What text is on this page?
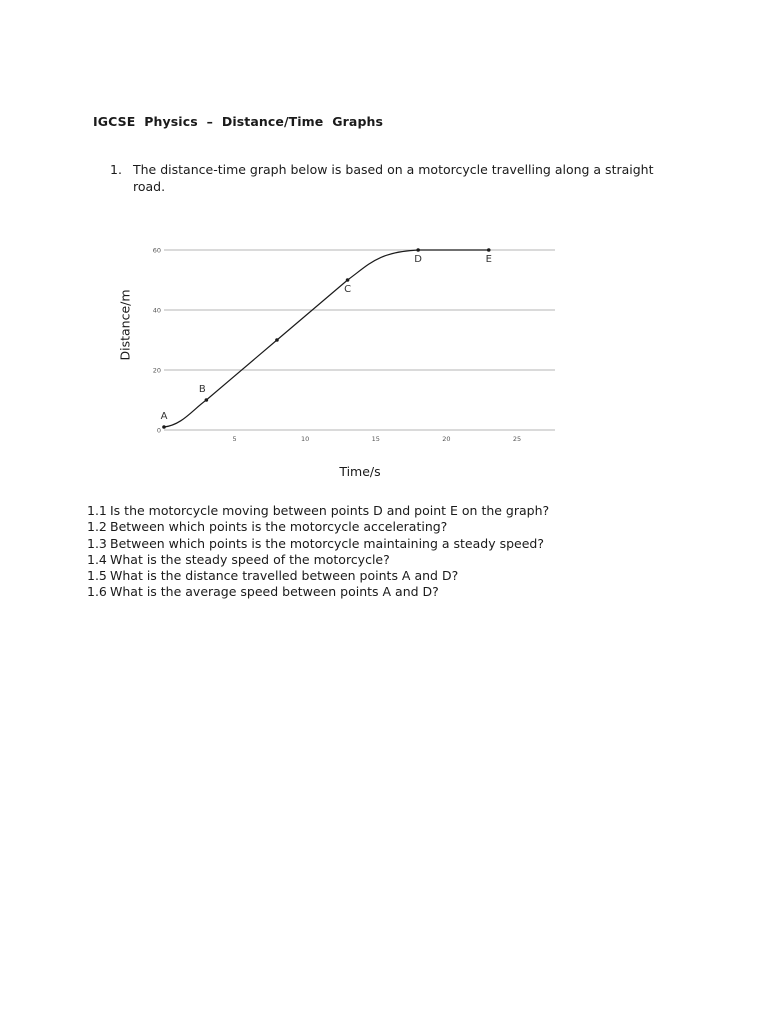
IGCSE  Physics  –  Distance/Time  Graphs
1. The distance-time graph below is based on a motorcycle travelling along a straight road.
0
20
40
60
5	10	15	20	25
A
B
C
D	E
Distance/m
Time/s
1.1 Is the motorcycle moving between points D and point E on the graph?
1.2 Between which points is the motorcycle accelerating?
1.3 Between which points is the motorcycle maintaining a steady speed?
1.4 What is the steady speed of the motorcycle?
1.5 What is the distance travelled between points A and D?
1.6 What is the average speed between points A and D?
